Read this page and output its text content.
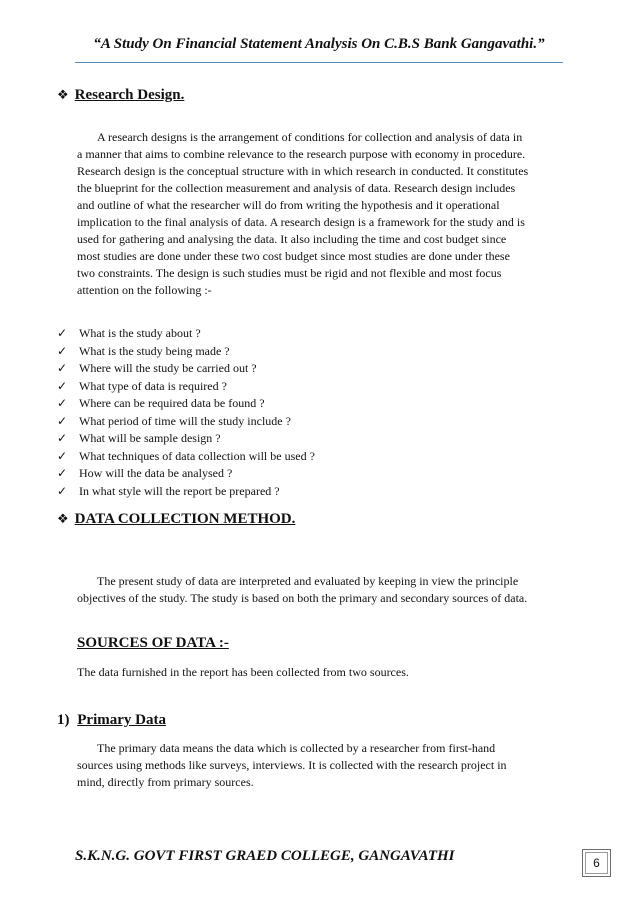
“A Study On Financial Statement Analysis On C.B.S Bank Gangavathi.”
❖ Research Design.
A research designs is the arrangement of conditions for collection and analysis of data in
a manner that aims to combine relevance to the research purpose with economy in procedure.
Research design is the conceptual structure with in which research in conducted. It constitutes
the blueprint for the collection measurement and analysis of data. Research design includes
and outline of what the researcher will do from writing the hypothesis and it operational
implication to the final analysis of data. A research design is a framework for the study and is
used for gathering and analysing the data. It also including the time and cost budget since
most studies are done under these two cost budget since most studies are done under these
two constraints. The design is such studies must be rigid and not flexible and most focus
attention on the following :-
✓ What is the study about ?
✓ What is the study being made ?
✓ Where will the study be carried out ?
✓ What type of data is required ?
✓ Where can be required data be found ?
✓ What period of time will the study include ?
✓ What will be sample design ?
✓ What techniques of data collection will be used ?
✓ How will the data be analysed ?
✓ In what style will the report be prepared ?
❖ DATA COLLECTION METHOD.
The present study of data are interpreted and evaluated by keeping in view the principle
objectives of the study. The study is based on both the primary and secondary sources of data.
SOURCES OF DATA :-
The data furnished in the report has been collected from two sources.
1) Primary Data
The primary data means the data which is collected by a researcher from first-hand
sources using methods like surveys, interviews. It is collected with the research project in
mind, directly from primary sources.
S.K.N.G. GOVT FIRST GRAED COLLEGE, GANGAVATHI	6
